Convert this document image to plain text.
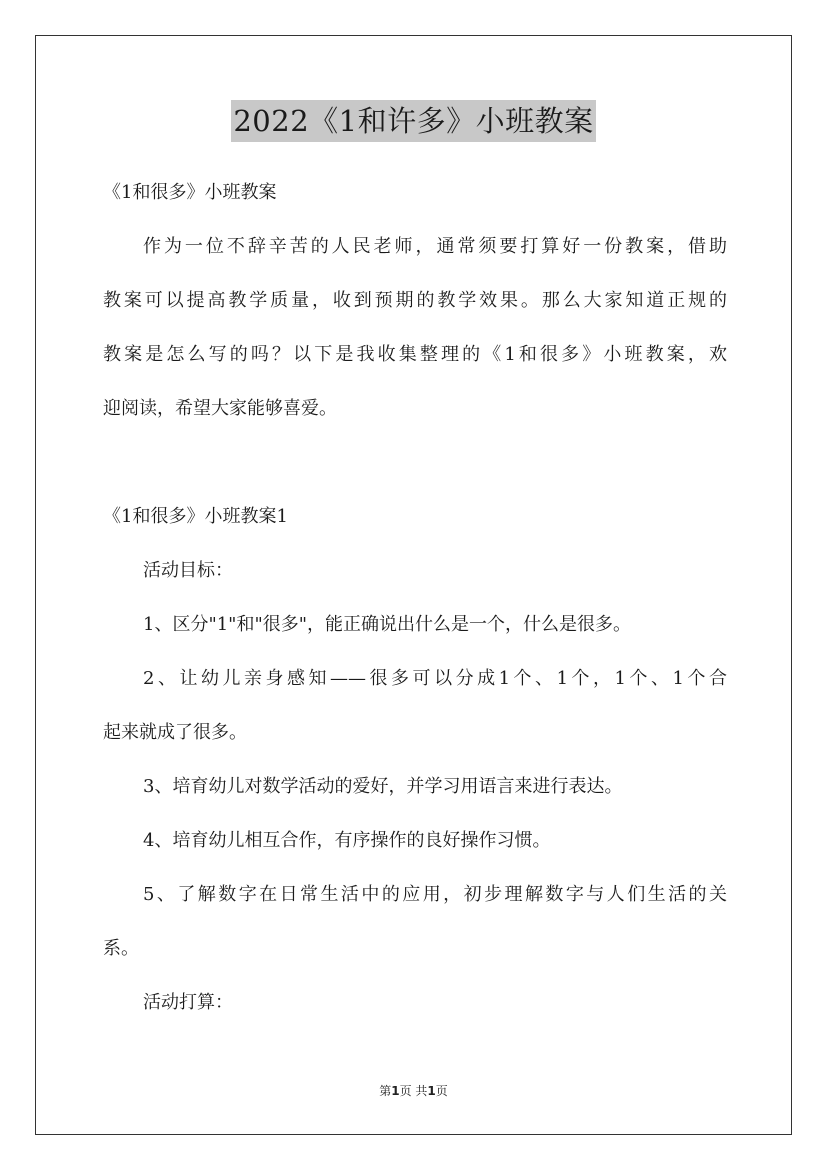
2022《1和许多》小班教案
《1和很多》小班教案
作为一位不辞辛苦的人民老师，通常须要打算好一份教案，借助
教案可以提高教学质量，收到预期的教学效果。那么大家知道正规的
教案是怎么写的吗？以下是我收集整理的《1和很多》小班教案，欢
迎阅读，希望大家能够喜爱。
《1和很多》小班教案1
活动目标：
1、区分"1"和"很多"，能正确说出什么是一个，什么是很多。
2、让幼儿亲身感知——很多可以分成1个、1个，1个、1个合
起来就成了很多。
3、培育幼儿对数学活动的爱好，并学习用语言来进行表达。
4、培育幼儿相互合作，有序操作的良好操作习惯。
5、了解数字在日常生活中的应用，初步理解数字与人们生活的关
系。
活动打算：
第1页 共1页
